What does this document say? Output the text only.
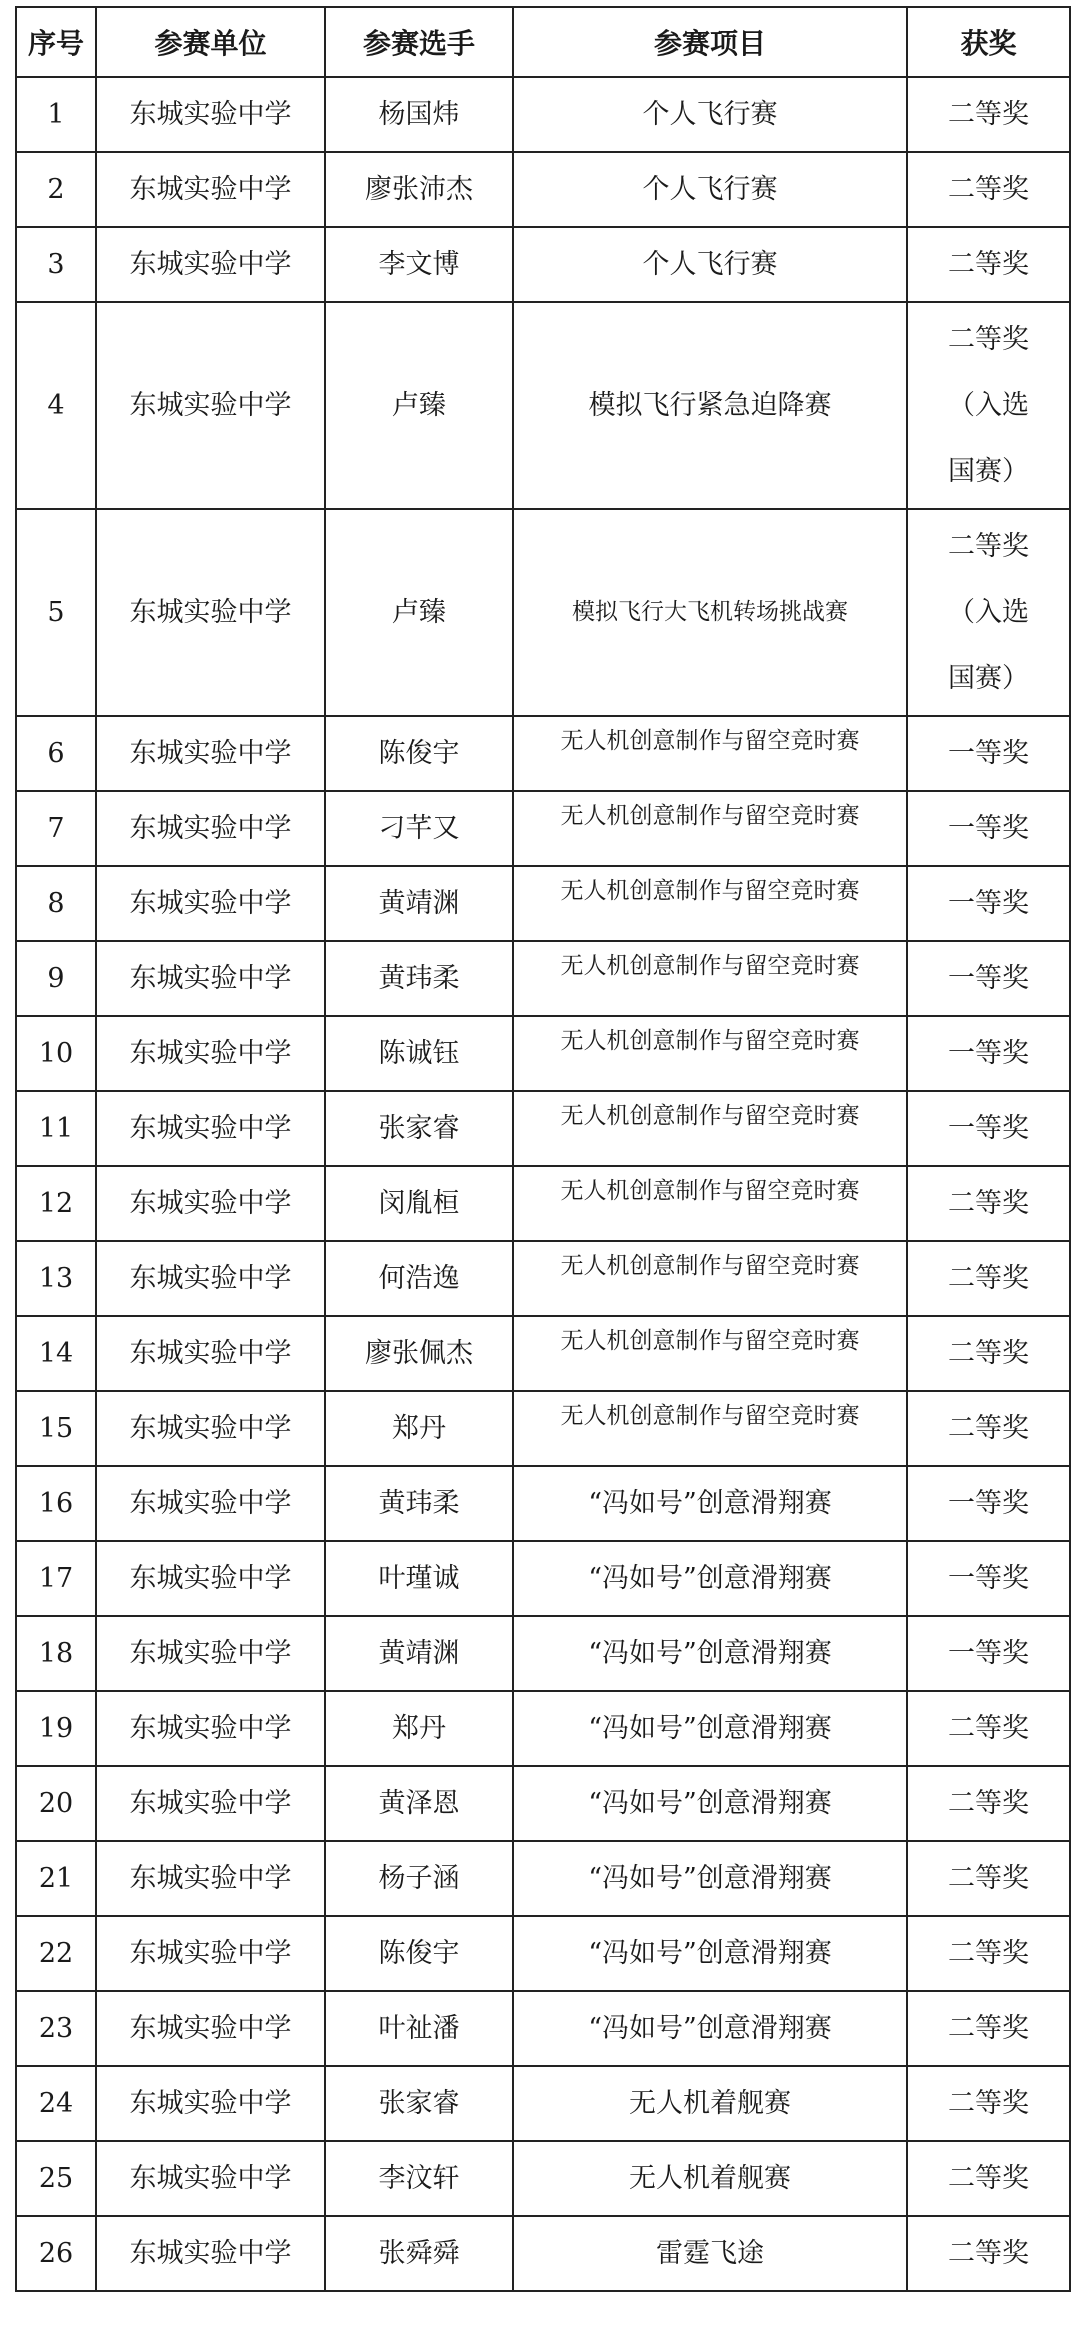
序号	参赛单位	参赛选手	参赛项目	获奖
1	东城实验中学	杨国炜	个人飞行赛	二等奖
2	东城实验中学	廖张沛杰	个人飞行赛	二等奖
3	东城实验中学	李文博	个人飞行赛	二等奖
4	东城实验中学	卢臻	模拟飞行紧急迫降赛	二等奖
（入选
国赛）
5	东城实验中学	卢臻	模拟飞行大飞机转场挑战赛	二等奖
（入选
国赛）
6	东城实验中学	陈俊宇	无人机创意制作与留空竞时赛	一等奖
7	东城实验中学	刁芊又	无人机创意制作与留空竞时赛	一等奖
8	东城实验中学	黄靖渊	无人机创意制作与留空竞时赛	一等奖
9	东城实验中学	黄玮柔	无人机创意制作与留空竞时赛	一等奖
10	东城实验中学	陈诚钰	无人机创意制作与留空竞时赛	一等奖
11	东城实验中学	张家睿	无人机创意制作与留空竞时赛	一等奖
12	东城实验中学	闵胤桓	无人机创意制作与留空竞时赛	二等奖
13	东城实验中学	何浩逸	无人机创意制作与留空竞时赛	二等奖
14	东城实验中学	廖张佩杰	无人机创意制作与留空竞时赛	二等奖
15	东城实验中学	郑丹	无人机创意制作与留空竞时赛	二等奖
16	东城实验中学	黄玮柔	“冯如号”创意滑翔赛	一等奖
17	东城实验中学	叶瑾诚	“冯如号”创意滑翔赛	一等奖
18	东城实验中学	黄靖渊	“冯如号”创意滑翔赛	一等奖
19	东城实验中学	郑丹	“冯如号”创意滑翔赛	二等奖
20	东城实验中学	黄泽恩	“冯如号”创意滑翔赛	二等奖
21	东城实验中学	杨子涵	“冯如号”创意滑翔赛	二等奖
22	东城实验中学	陈俊宇	“冯如号”创意滑翔赛	二等奖
23	东城实验中学	叶祉潘	“冯如号”创意滑翔赛	二等奖
24	东城实验中学	张家睿	无人机着舰赛	二等奖
25	东城实验中学	李汶轩	无人机着舰赛	二等奖
26	东城实验中学	张舜舜	雷霆飞途	二等奖
